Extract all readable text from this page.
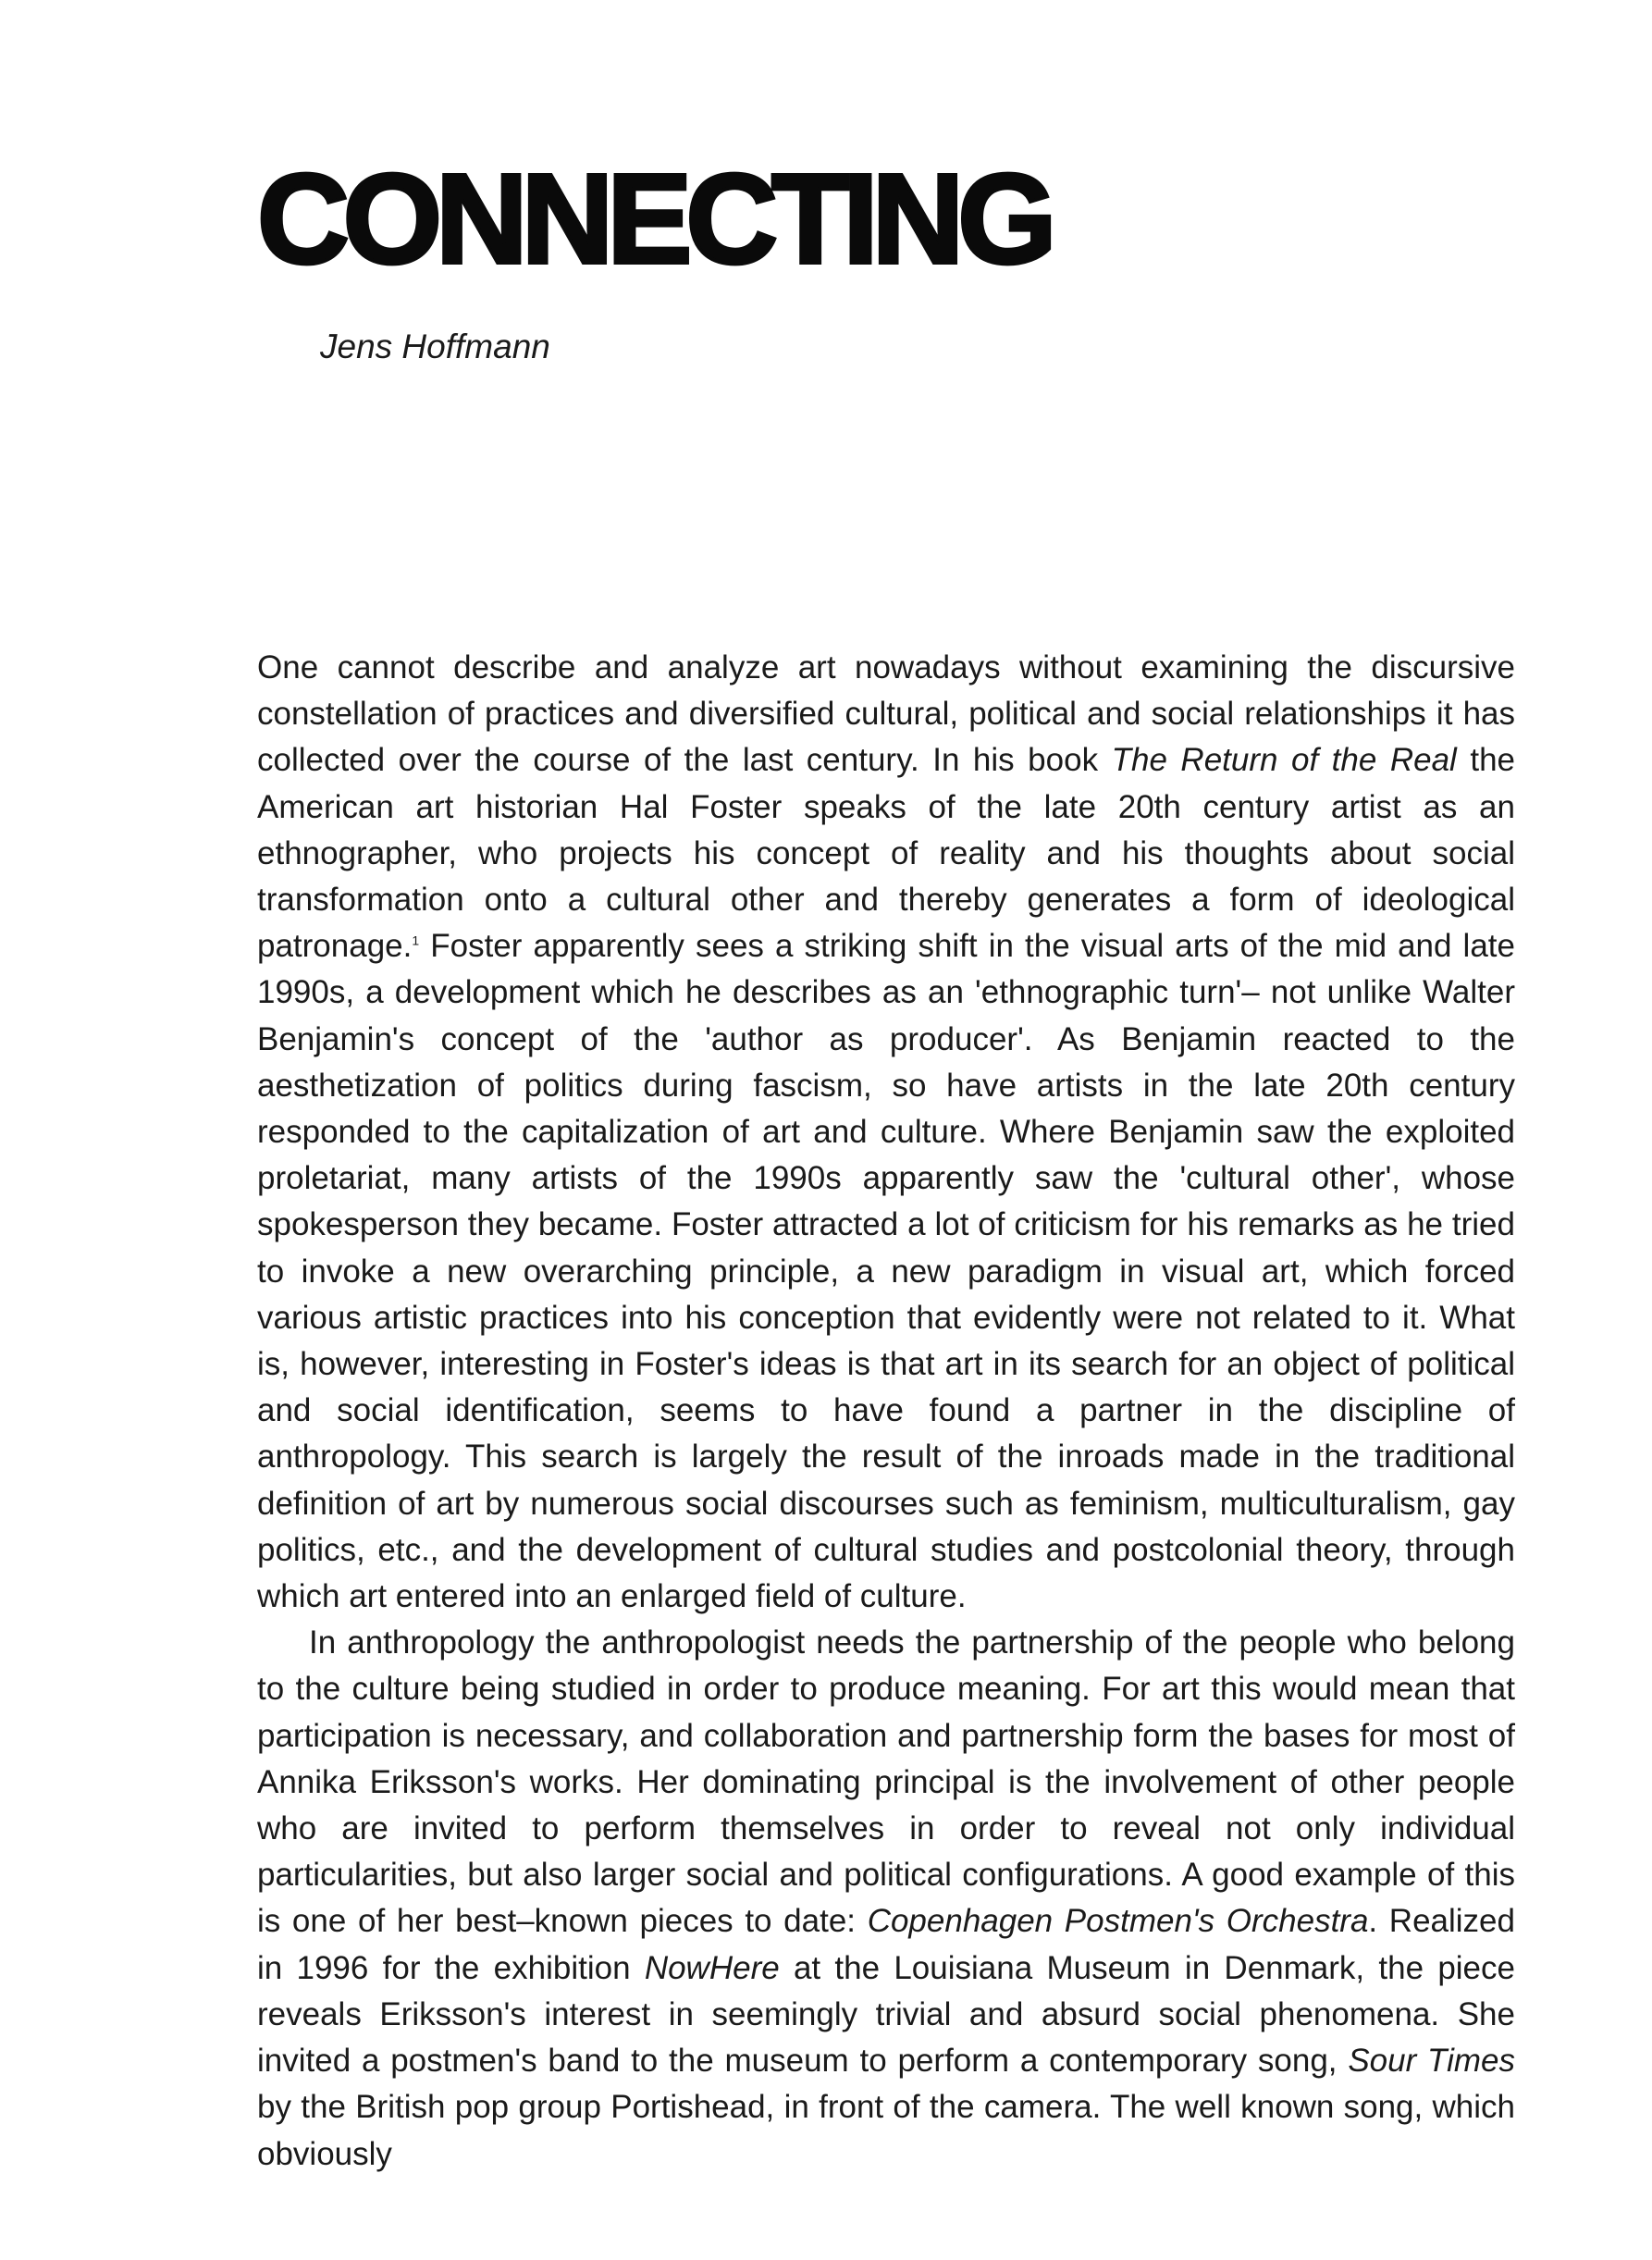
CONNECTING
Jens Hoffmann

One cannot describe and analyze art nowadays without examining the discursive constellation of practices and diversified cultural, political and social relationships it has collected over the course of the last century. In his book The Return of the Real the American art historian Hal Foster speaks of the late 20th century artist as an ethnographer, who projects his concept of reality and his thoughts about social transformation onto a cultural other and thereby generates a form of ideological patronage.$^1$ Foster apparently sees a striking shift in the visual arts of the mid and late 1990s, a development which he describes as an 'ethnographic turn'– not unlike Walter Benjamin's concept of the 'author as producer'. As Benjamin reacted to the aesthetization of politics during fascism, so have artists in the late 20th century responded to the capitalization of art and culture. Where Benjamin saw the exploited proletariat, many artists of the 1990s apparently saw the 'cultural other', whose spokesperson they became. Foster attracted a lot of criticism for his remarks as he tried to invoke a new overarching principle, a new paradigm in visual art, which forced various artistic practices into his conception that evidently were not related to it. What is, however, interesting in Foster's ideas is that art in its search for an object of political and social identification, seems to have found a partner in the discipline of anthropology. This search is largely the result of the inroads made in the traditional definition of art by numerous social discourses such as feminism, multiculturalism, gay politics, etc., and the development of cultural studies and postcolonial theory, through which art entered into an enlarged field of culture.

In anthropology the anthropologist needs the partnership of the people who belong to the culture being studied in order to produce meaning. For art this would mean that participation is necessary, and collaboration and partnership form the bases for most of Annika Eriksson's works. Her dominating principal is the involvement of other people who are invited to perform themselves in order to reveal not only individual particularities, but also larger social and political configurations. A good example of this is one of her best–known pieces to date: Copenhagen Postmen's Orchestra. Realized in 1996 for the exhibition NowHere at the Louisiana Museum in Denmark, the piece reveals Eriksson's interest in seemingly trivial and absurd social phenomena. She invited a postmen's band to the museum to perform a contemporary song, Sour Times by the British pop group Portishead, in front of the camera. The well known song, which obviously
